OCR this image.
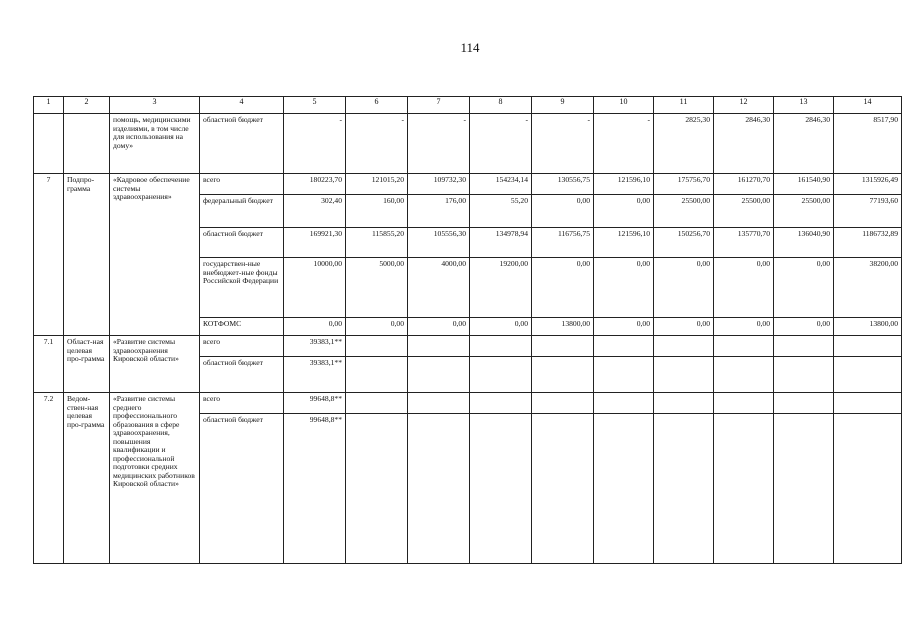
114
1	2	3	4	5	6	7	8	9	10	11	12	13	14
		помощь, медицинскими изделиями, в том числе для использования на дому»	областной бюджет	-	-	-	-	-	-	2825,30	2846,30	2846,30	8517,90
7	Подпро-грамма	«Кадровое обеспечение системы здравоохранения»	всего	180223,70	121015,20	109732,30	154234,14	130556,75	121596,10	175756,70	161270,70	161540,90	1315926,49
			федеральный бюджет	302,40	160,00	176,00	55,20	0,00	0,00	25500,00	25500,00	25500,00	77193,60
			областной бюджет	169921,30	115855,20	105556,30	134978,94	116756,75	121596,10	150256,70	135770,70	136040,90	1186732,89
			государствен-ные внебюджет-ные фонды Российской Федерации	10000,00	5000,00	4000,00	19200,00	0,00	0,00	0,00	0,00	0,00	38200,00
			КОТФОМС	0,00	0,00	0,00	0,00	13800,00	0,00	0,00	0,00	0,00	13800,00
7.1	Област-ная целевая про-грамма	«Развитие системы здравоохранения Кировской области»	всего	39383,1**									
			областной бюджет	39383,1**									
7.2	Ведом-ствен-ная целевая про-грамма	«Развитие системы среднего профессионального образования в сфере здравоохранения, повышения квалификации и профессиональной подготовки средних медицинских работников Кировской области»	всего	99648,8**									
			областной бюджет	99648,8**									
